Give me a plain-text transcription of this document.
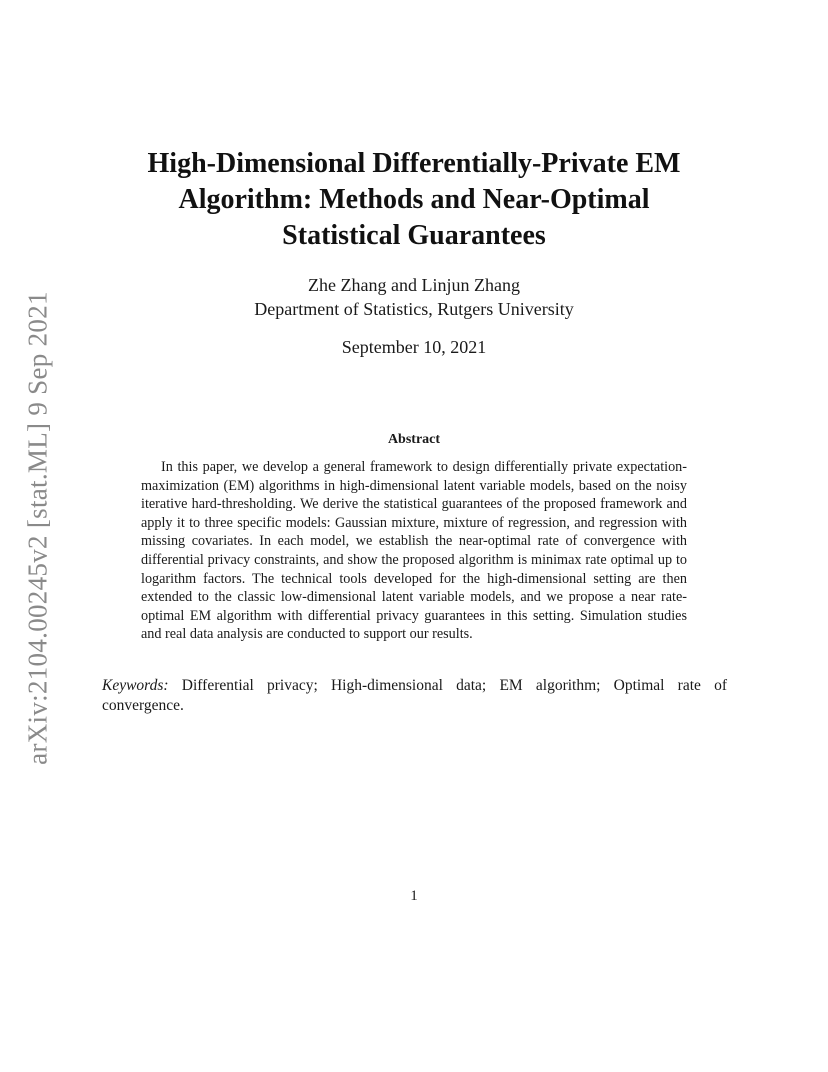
arXiv:2104.00245v2 [stat.ML] 9 Sep 2021
High-Dimensional Differentially-Private EM
Algorithm: Methods and Near-Optimal
Statistical Guarantees
Zhe Zhang and Linjun Zhang
Department of Statistics, Rutgers University
September 10, 2021
Abstract

In this paper, we develop a general framework to design differentially private expectation-maximization (EM) algorithms in high-dimensional latent variable models, based on the noisy iterative hard-thresholding. We derive the statistical guarantees of the proposed framework and apply it to three specific models: Gaussian mixture, mixture of regression, and regression with missing covariates. In each model, we establish the near-optimal rate of convergence with differential privacy constraints, and show the proposed algorithm is minimax rate optimal up to logarithm factors. The technical tools developed for the high-dimensional setting are then extended to the classic low-dimensional latent variable models, and we propose a near rate-optimal EM algorithm with differential privacy guarantees in this setting. Simulation studies and real data analysis are conducted to support our results.

Keywords: Differential privacy; High-dimensional data; EM algorithm; Optimal rate of convergence.

1
